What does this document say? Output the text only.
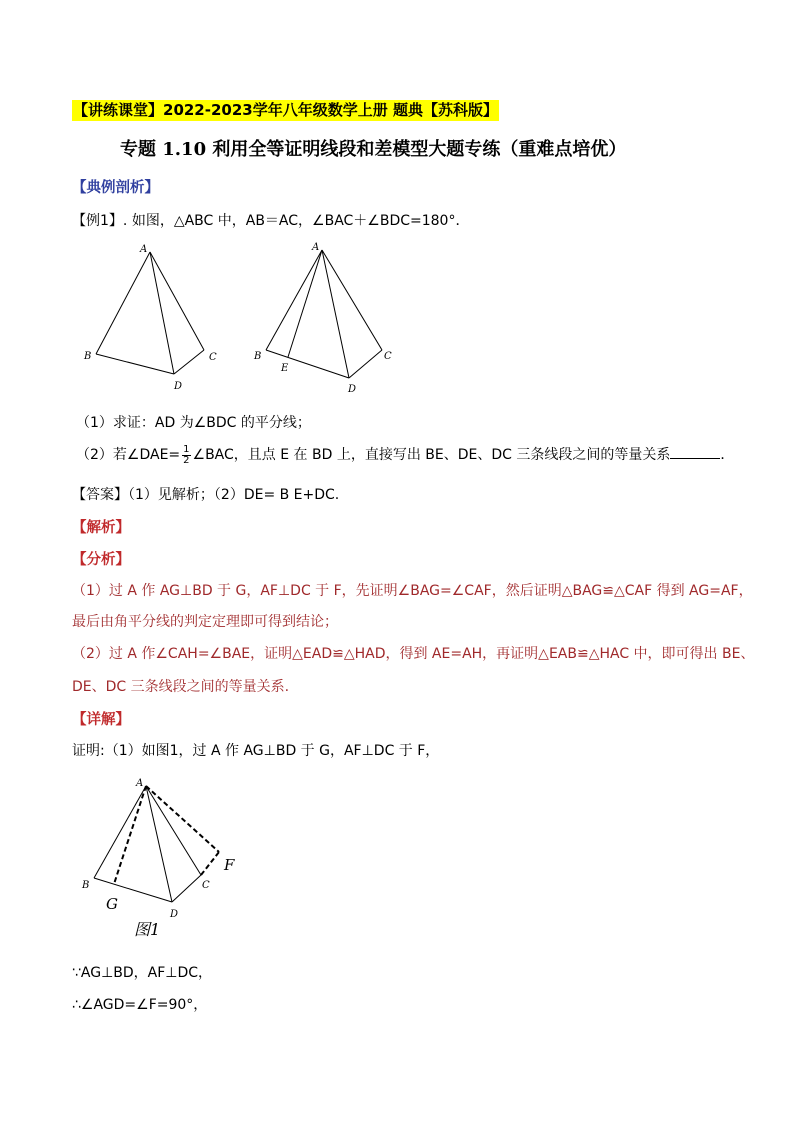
【讲练课堂】2022-2023学年八年级数学上册 题典【苏科版】
专题 1.10 利用全等证明线段和差模型大题专练（重难点培优）
【典例剖析】
【例1】. 如图，△ABC 中，AB＝AC，∠BAC＋∠BDC=180°．
A
B	C
D
A
B
E
C
D
（1）求证：AD 为∠BDC 的平分线；
（2）若∠DAE= $\frac{1}{2}$ ∠BAC，且点 E 在 BD 上，直接写出 BE、DE、DC 三条线段之间的等量关系	．
【答案】（1）见解析；（2）DE= B E+DC.
【解析】
【分析】
（1）过 A 作 AG⊥BD 于 G，AF⊥DC 于 F，先证明∠BAG=∠CAF，然后证明△BAG≌△CAF 得到 AG=AF，
最后由角平分线的判定定理即可得到结论；
（2）过 A 作∠CAH=∠BAE，证明△EAD≌△HAD，得到 AE=AH，再证明△EAB≌△HAC 中，即可得出 BE、
DE、DC 三条线段之间的等量关系.
【详解】
证明:（1）如图1，过 A 作 AG⊥BD 于 G，AF⊥DC 于 F，
A
B	C
D
F
G
图1
∵AG⊥BD，AF⊥DC，
∴∠AGD=∠F=90°，
